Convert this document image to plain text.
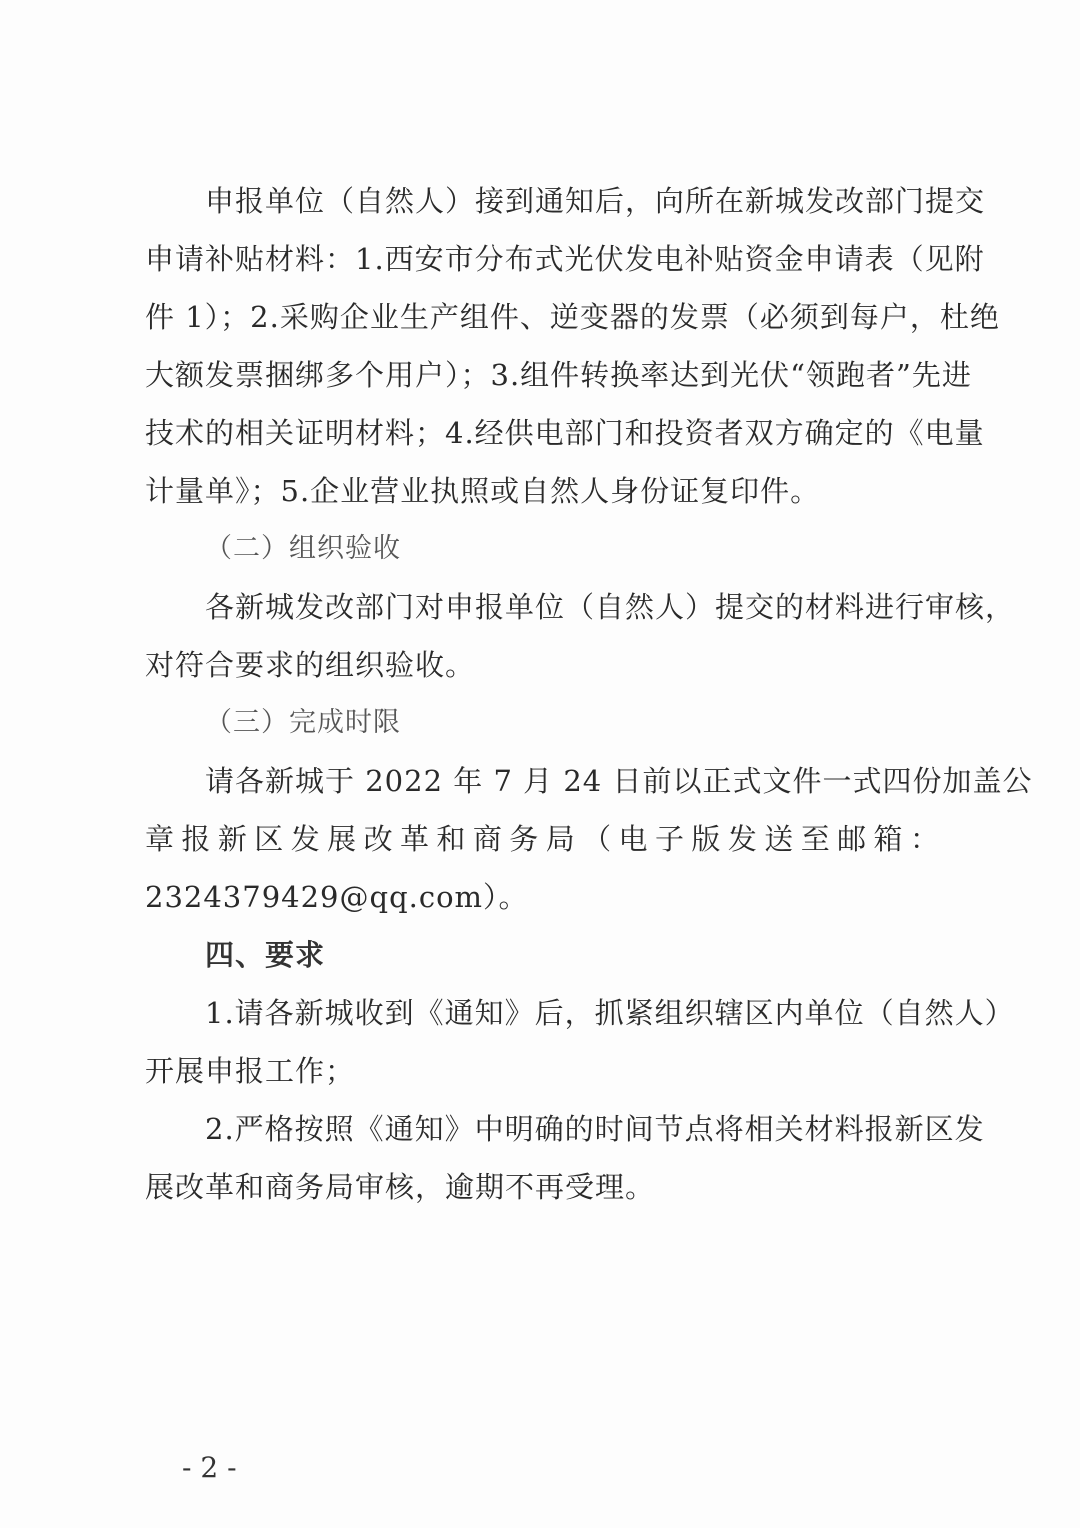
申报单位（自然人）接到通知后，向所在新城发改部门提交
申请补贴材料：1.西安市分布式光伏发电补贴资金申请表（见附
件 1）；2.采购企业生产组件、逆变器的发票（必须到每户，杜绝
大额发票捆绑多个用户）；3.组件转换率达到光伏“领跑者”先进
技术的相关证明材料；4.经供电部门和投资者双方确定的《电量
计量单》；5.企业营业执照或自然人身份证复印件。
（二）组织验收
各新城发改部门对申报单位（自然人）提交的材料进行审核，
对符合要求的组织验收。
（三）完成时限
请各新城于 2022 年 7 月 24 日前以正式文件一式四份加盖公
章报新区发展改革和商务局（电子版发送至邮箱：
2324379429@qq.com）。
四、要求
1.请各新城收到《通知》后，抓紧组织辖区内单位（自然人）
开展申报工作；
2.严格按照《通知》中明确的时间节点将相关材料报新区发
展改革和商务局审核，逾期不再受理。
- 2 -
